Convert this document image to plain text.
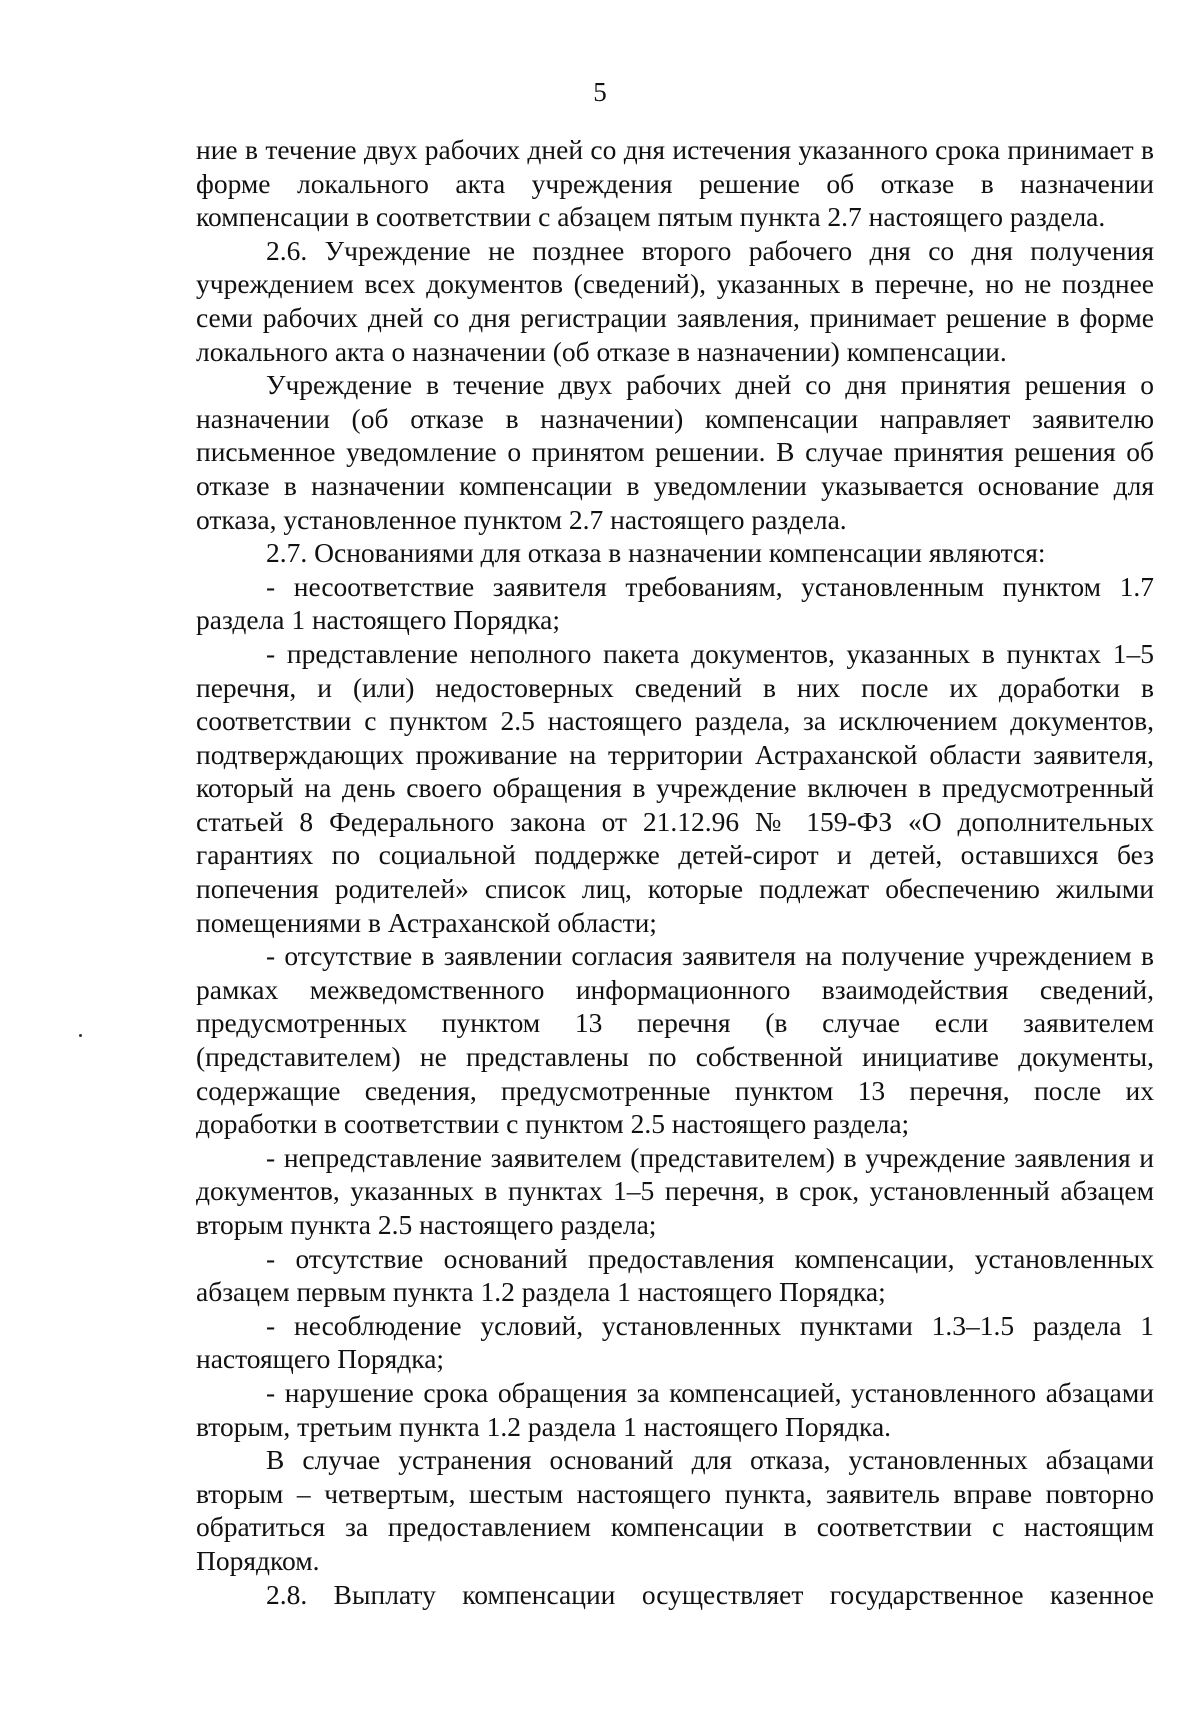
5

ние в течение двух рабочих дней со дня истечения указанного срока принимает в форме локального акта учреждения решение об отказе в назначении компенсации в соответствии с абзацем пятым пункта 2.7 настоящего раздела.

2.6. Учреждение не позднее второго рабочего дня со дня получения учреждением всех документов (сведений), указанных в перечне, но не позднее семи рабочих дней со дня регистрации заявления, принимает решение в форме локального акта о назначении (об отказе в назначении) компенсации.

Учреждение в течение двух рабочих дней со дня принятия решения о назначении (об отказе в назначении) компенсации направляет заявителю письменное уведомление о принятом решении. В случае принятия решения об отказе в назначении компенсации в уведомлении указывается основание для отказа, установленное пунктом 2.7 настоящего раздела.

2.7. Основаниями для отказа в назначении компенсации являются:

- несоответствие заявителя требованиям, установленным пунктом 1.7 раздела 1 настоящего Порядка;

- представление неполного пакета документов, указанных в пунктах 1–5 перечня, и (или) недостоверных сведений в них после их доработки в соответствии с пунктом 2.5 настоящего раздела, за исключением документов, подтверждающих проживание на территории Астраханской области заявителя, который на день своего обращения в учреждение включен в предусмотренный статьей 8 Федерального закона от 21.12.96 № 159-ФЗ «О дополнительных гарантиях по социальной поддержке детей-сирот и детей, оставшихся без попечения родителей» список лиц, которые подлежат обеспечению жилыми помещениями в Астраханской области;

- отсутствие в заявлении согласия заявителя на получение учреждением в рамках межведомственного информационного взаимодействия сведений, предусмотренных пунктом 13 перечня (в случае если заявителем (представителем) не представлены по собственной инициативе документы, содержащие сведения, предусмотренные пунктом 13 перечня, после их доработки в соответствии с пунктом 2.5 настоящего раздела;

- непредставление заявителем (представителем) в учреждение заявления и документов, указанных в пунктах 1–5 перечня, в срок, установленный абзацем вторым пункта 2.5 настоящего раздела;

- отсутствие оснований предоставления компенсации, установленных абзацем первым пункта 1.2 раздела 1 настоящего Порядка;

- несоблюдение условий, установленных пунктами 1.3–1.5 раздела 1 настоящего Порядка;

- нарушение срока обращения за компенсацией, установленного абзацами вторым, третьим пункта 1.2 раздела 1 настоящего Порядка.

В случае устранения оснований для отказа, установленных абзацами вторым – четвертым, шестым настоящего пункта, заявитель вправе повторно обратиться за предоставлением компенсации в соответствии с настоящим Порядком.

2.8. Выплату компенсации осуществляет государственное казенное
